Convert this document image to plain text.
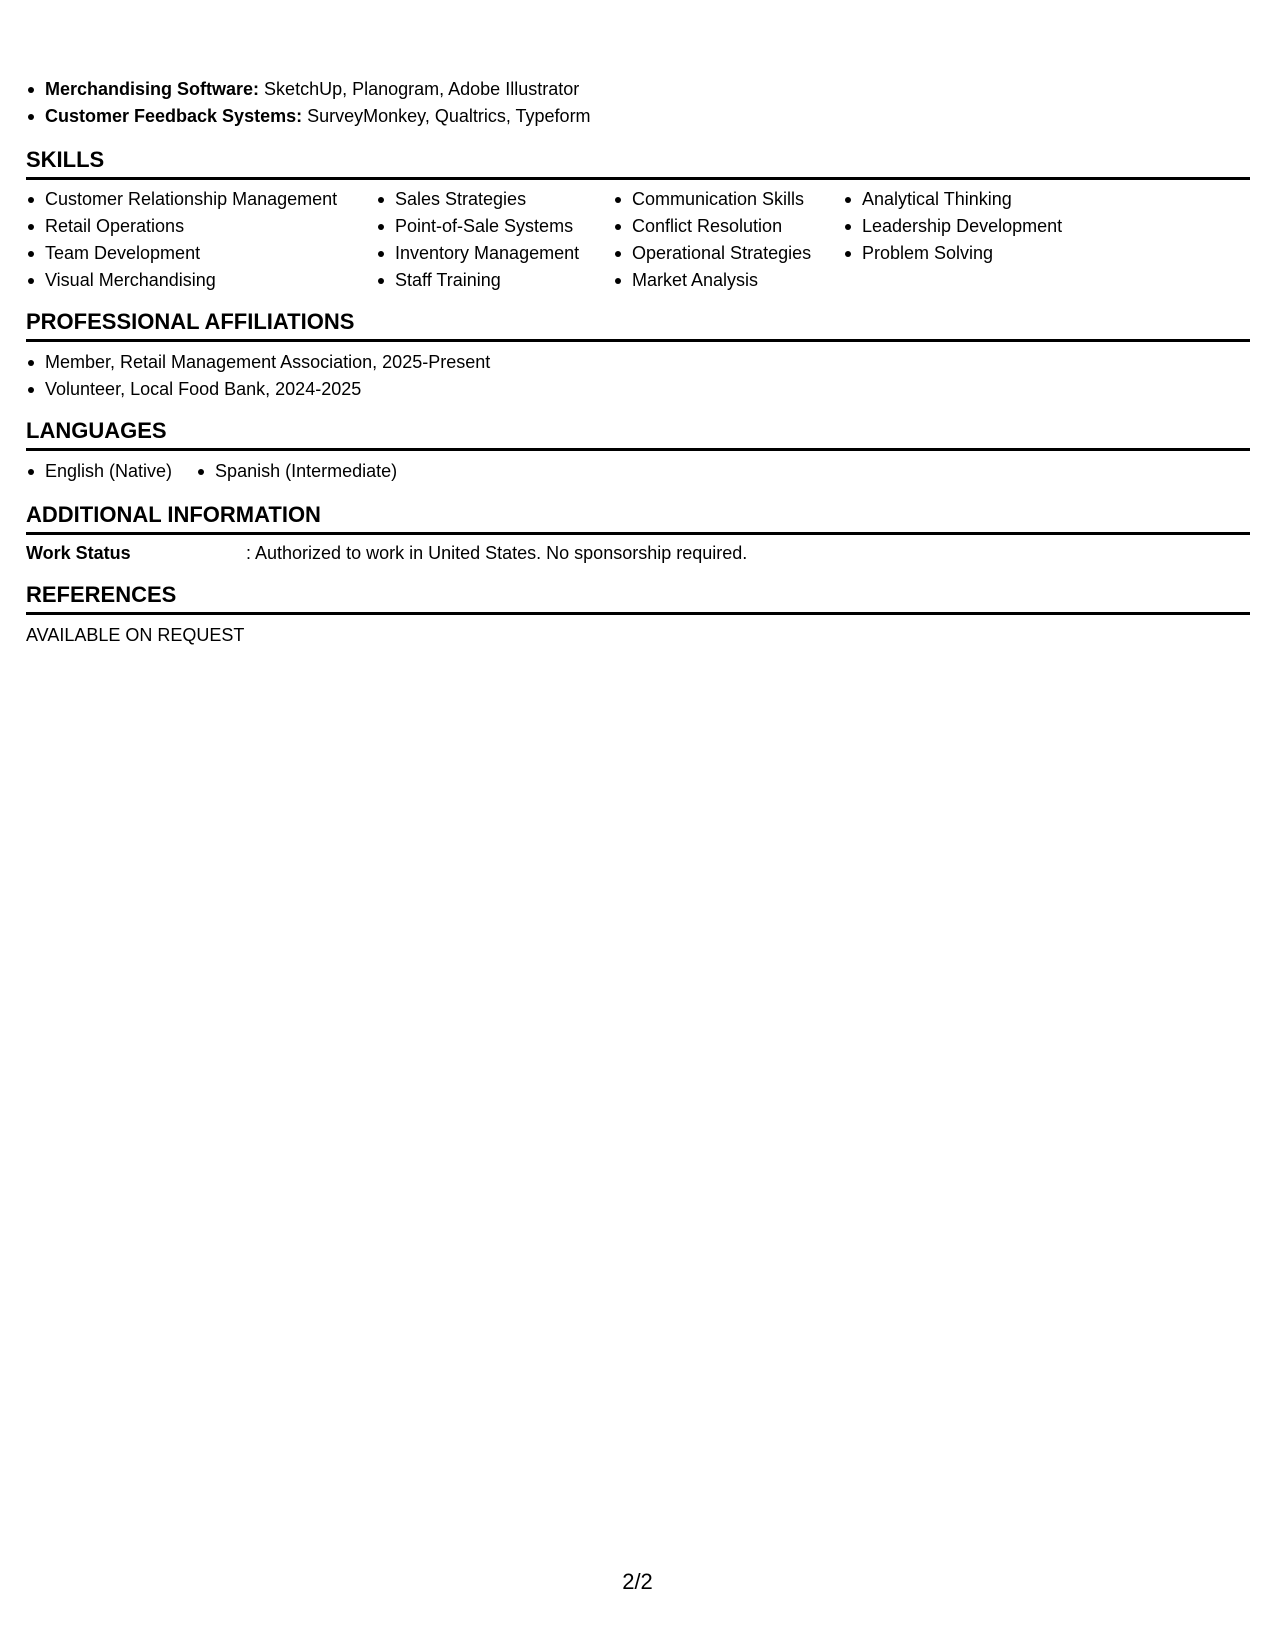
Merchandising Software: SketchUp, Planogram, Adobe Illustrator
Customer Feedback Systems: SurveyMonkey, Qualtrics, Typeform
SKILLS
Customer Relationship Management
Retail Operations
Team Development
Visual Merchandising
Sales Strategies
Point-of-Sale Systems
Inventory Management
Staff Training
Communication Skills
Conflict Resolution
Operational Strategies
Market Analysis
Analytical Thinking
Leadership Development
Problem Solving
PROFESSIONAL AFFILIATIONS
Member, Retail Management Association, 2025-Present
Volunteer, Local Food Bank, 2024-2025
LANGUAGES
English (Native)	Spanish (Intermediate)
ADDITIONAL INFORMATION
Work Status	: Authorized to work in United States. No sponsorship required.
REFERENCES
AVAILABLE ON REQUEST
2/2
